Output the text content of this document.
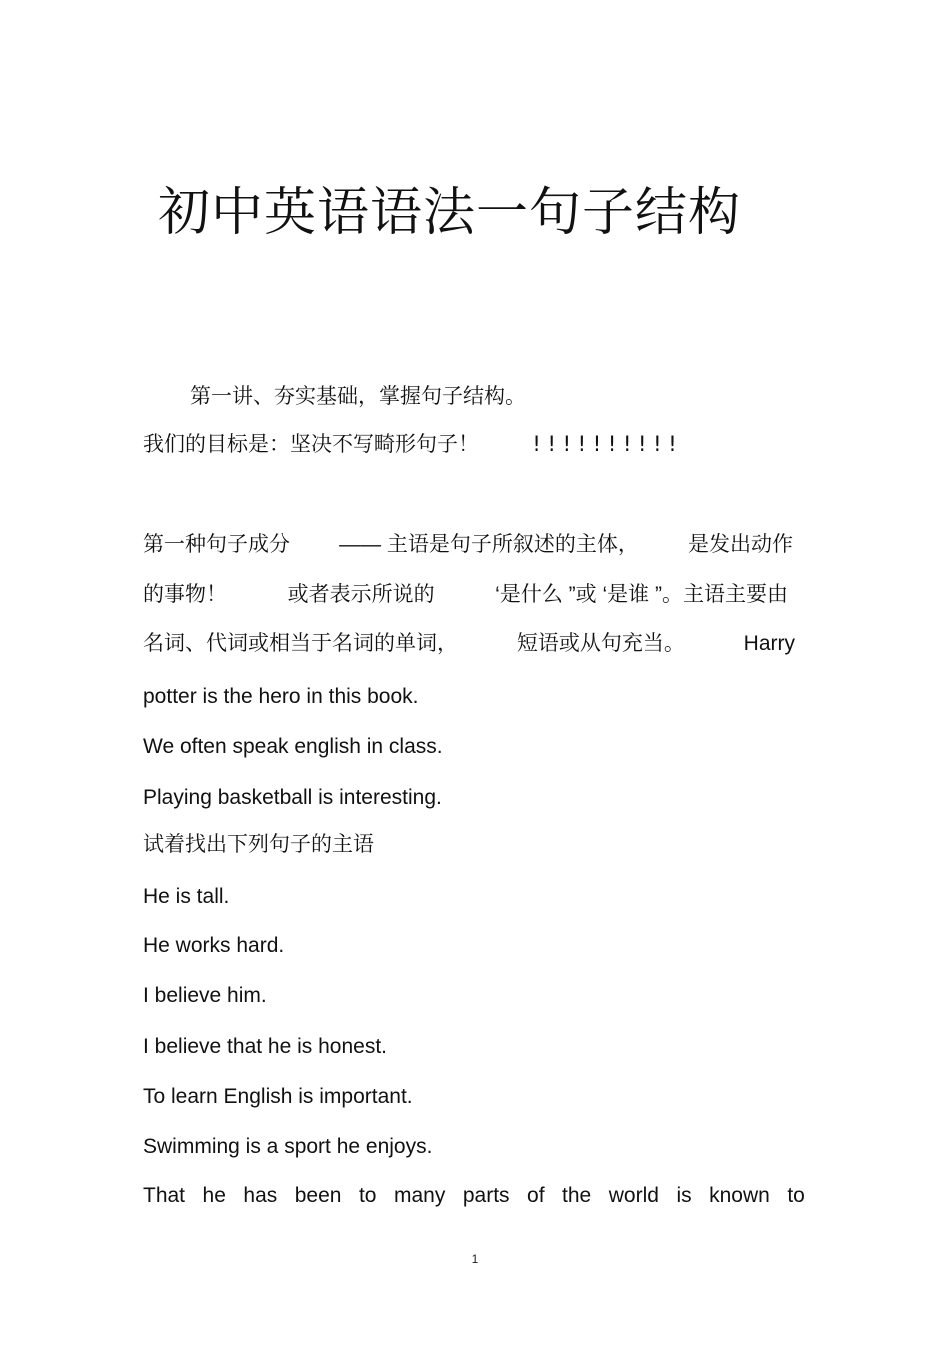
初中英语语法一句子结构
第一讲、夯实基础，掌握句子结构。
我们的目标是：坚决不写畸形句子！	! ! ! ! ! ! ! ! ! !
第一种句子成分 —— 主语是句子所叙述的主体， 是发出动作
的事物！	或者表示所说的	‘是什么 ”或 ‘是谁 ”。主语主要由
名词、代词或相当于名词的单词，	短语或从句充当。	Harry
potter is the hero in this book.
We often speak english in class.
Playing basketball is interesting.
试着找出下列句子的主语
He is tall.
He works hard.
I believe him.
I believe that he is honest.
To learn English is important.
Swimming is a sport he enjoys.
That he has been to many parts of the world is known to
1
